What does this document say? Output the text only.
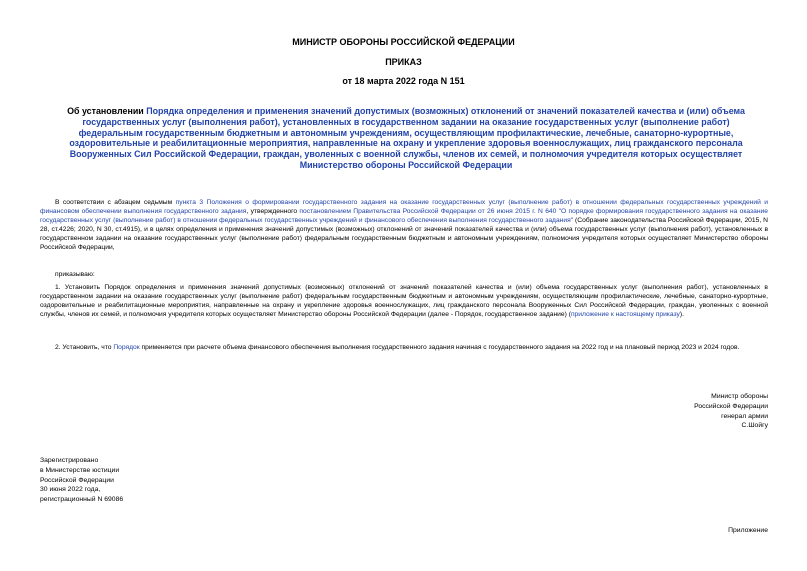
МИНИСТР ОБОРОНЫ РОССИЙСКОЙ ФЕДЕРАЦИИ
ПРИКАЗ
от 18 марта 2022 года N 151
Об установлении Порядка определения и применения значений допустимых (возможных) отклонений от значений показателей качества и (или) объема государственных услуг (выполнения работ), установленных в государственном задании на оказание государственных услуг (выполнение работ) федеральным государственным бюджетным и автономным учреждениям, осуществляющим профилактические, лечебные, санаторно-курортные, оздоровительные и реабилитационные мероприятия, направленные на охрану и укрепление здоровья военнослужащих, лиц гражданского персонала Вооруженных Сил Российской Федерации, граждан, уволенных с военной службы, членов их семей, и полномочия учредителя которых осуществляет Министерство обороны Российской Федерации
В соответствии с абзацем седьмым пункта 3 Положения о формировании государственного задания на оказание государственных услуг (выполнение работ) в отношении федеральных государственных учреждений и финансовом обеспечении выполнения государственного задания, утвержденного постановлением Правительства Российской Федерации от 26 июня 2015 г. N 640 "О порядке формирования государственного задания на оказание государственных услуг (выполнение работ) в отношении федеральных государственных учреждений и финансового обеспечения выполнения государственного задания" (Собрание законодательства Российской Федерации, 2015, N 28, ст.4226; 2020, N 30, ст.4915), и в целях определения и применения значений допустимых (возможных) отклонений от значений показателей качества и (или) объема государственных услуг (выполнения работ), установленных в государственном задании на оказание государственных услуг (выполнение работ) федеральным государственным бюджетным и автономным учреждениям, полномочия учредителя которых осуществляет Министерство обороны Российской Федерации,
приказываю:
1. Установить Порядок определения и применения значений допустимых (возможных) отклонений от значений показателей качества и (или) объема государственных услуг (выполнения работ), установленных в государственном задании на оказание государственных услуг (выполнение работ) федеральным государственным бюджетным и автономным учреждениям, осуществляющим профилактические, лечебные, санаторно-курортные, оздоровительные и реабилитационные мероприятия, направленные на охрану и укрепление здоровья военнослужащих, лиц гражданского персонала Вооруженных Сил Российской Федерации, граждан, уволенных с военной службы, членов их семей, и полномочия учредителя которых осуществляет Министерство обороны Российской Федерации (далее - Порядок, государственное задание) (приложение к настоящему приказу).
2. Установить, что Порядок применяется при расчете объема финансового обеспечения выполнения государственного задания начиная с государственного задания на 2022 год и на плановый период 2023 и 2024 годов.
Министр обороны
Российской Федерации
генерал армии
С.Шойгу
Зарегистрировано
в Министерстве юстиции
Российской Федерации
30 июня 2022 года,
регистрационный N 69086
Приложение
